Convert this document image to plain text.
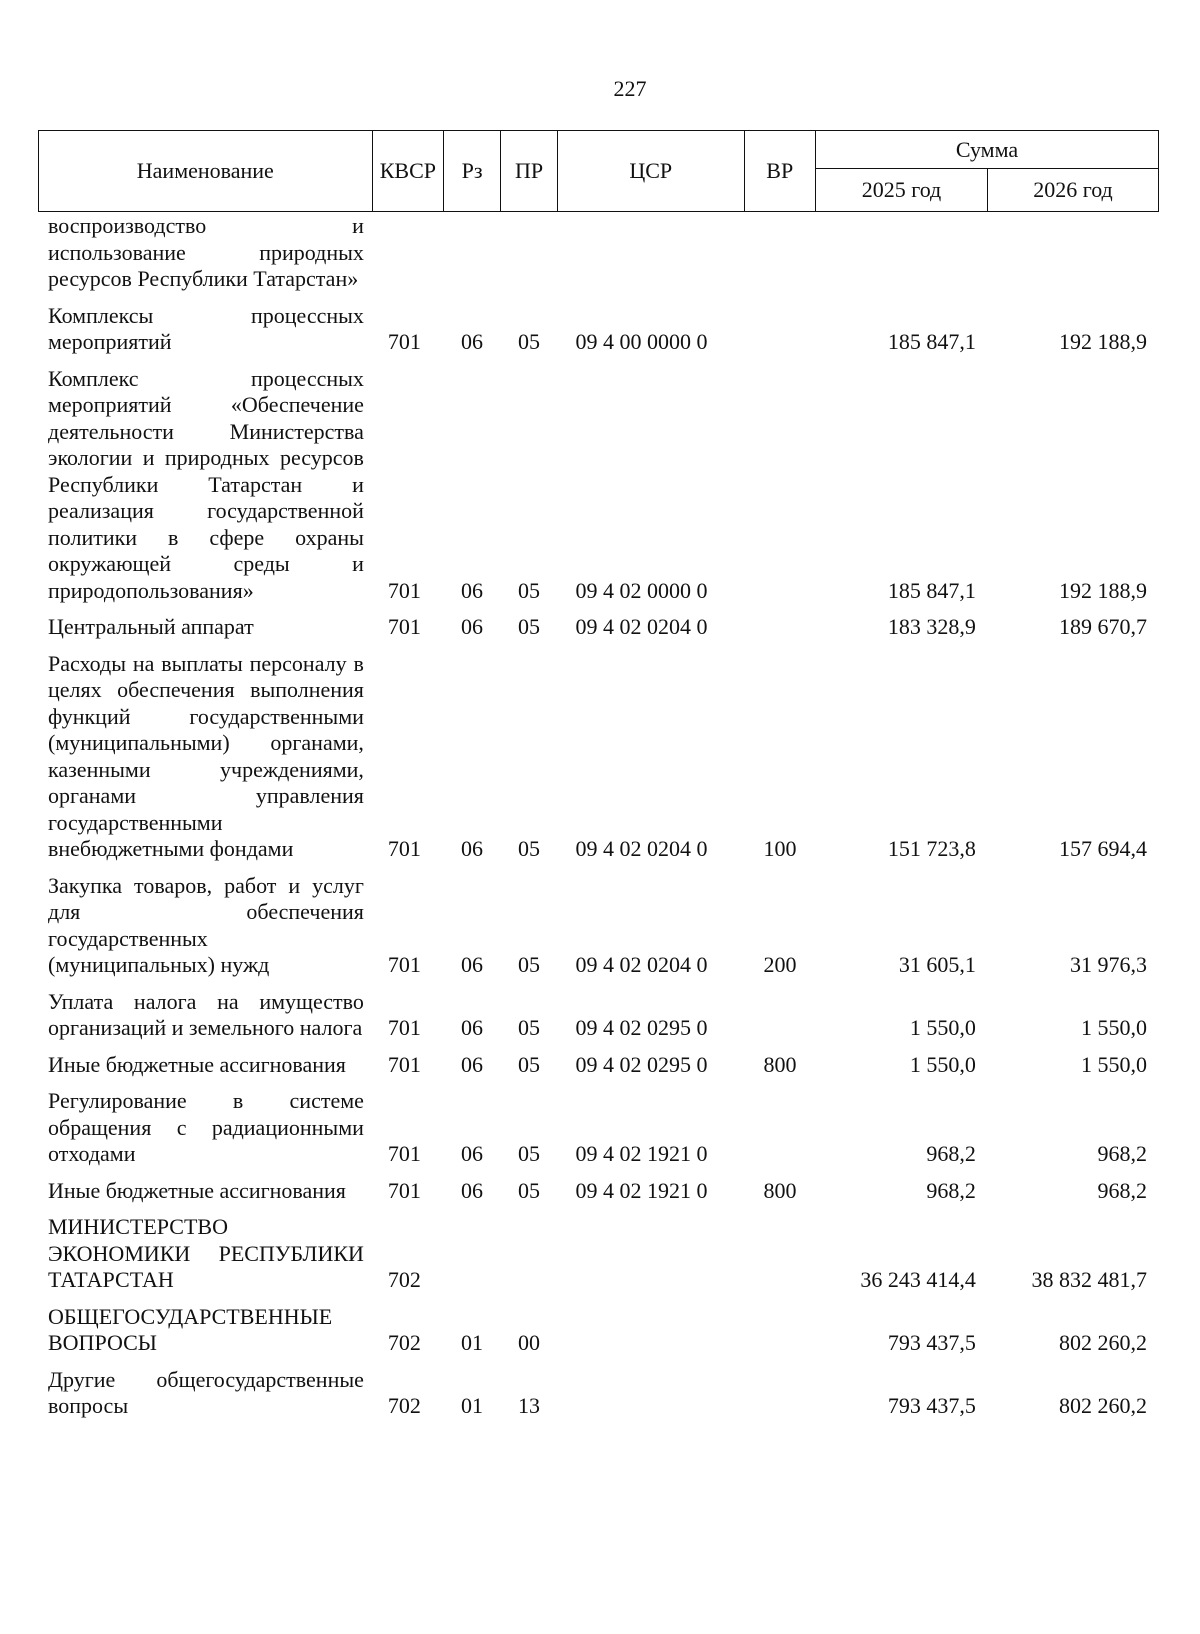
227
Наименование	КВСР	Рз	ПР	ЦСР	ВР	Сумма	
						2025 год	2026 год
воспроизводство и использование природных ресурсов Республики Татарстан»							

Комплексы процессных мероприятий	701	06	05	09 4 00 0000 0		185 847,1	192 188,9

Комплекс процессных мероприятий «Обеспечение деятельности Министерства экологии и природных ресурсов Республики Татарстан и реализация государственной политики в сфере охраны окружающей среды и природопользования»	701	06	05	09 4 02 0000 0		185 847,1	192 188,9

Центральный аппарат	701	06	05	09 4 02 0204 0		183 328,9	189 670,7

Расходы на выплаты персоналу в целях обеспечения выполнения функций государственными (муниципальными) органами, казенными учреждениями, органами управления государственными внебюджетными фондами	701	06	05	09 4 02 0204 0	100	151 723,8	157 694,4

Закупка товаров, работ и услуг для обеспечения государственных (муниципальных) нужд	701	06	05	09 4 02 0204 0	200	31 605,1	31 976,3

Уплата налога на имущество организаций и земельного налога	701	06	05	09 4 02 0295 0		1 550,0	1 550,0

Иные бюджетные ассигнования	701	06	05	09 4 02 0295 0	800	1 550,0	1 550,0

Регулирование в системе обращения с радиационными отходами	701	06	05	09 4 02 1921 0		968,2	968,2

Иные бюджетные ассигнования	701	06	05	09 4 02 1921 0	800	968,2	968,2

МИНИСТЕРСТВО ЭКОНОМИКИ РЕСПУБЛИКИ ТАТАРСТАН	702					36 243 414,4	38 832 481,7

ОБЩЕГОСУДАРСТВЕННЫЕ ВОПРОСЫ	702	01	00			793 437,5	802 260,2

Другие общегосударственные вопросы	702	01	13			793 437,5	802 260,2
